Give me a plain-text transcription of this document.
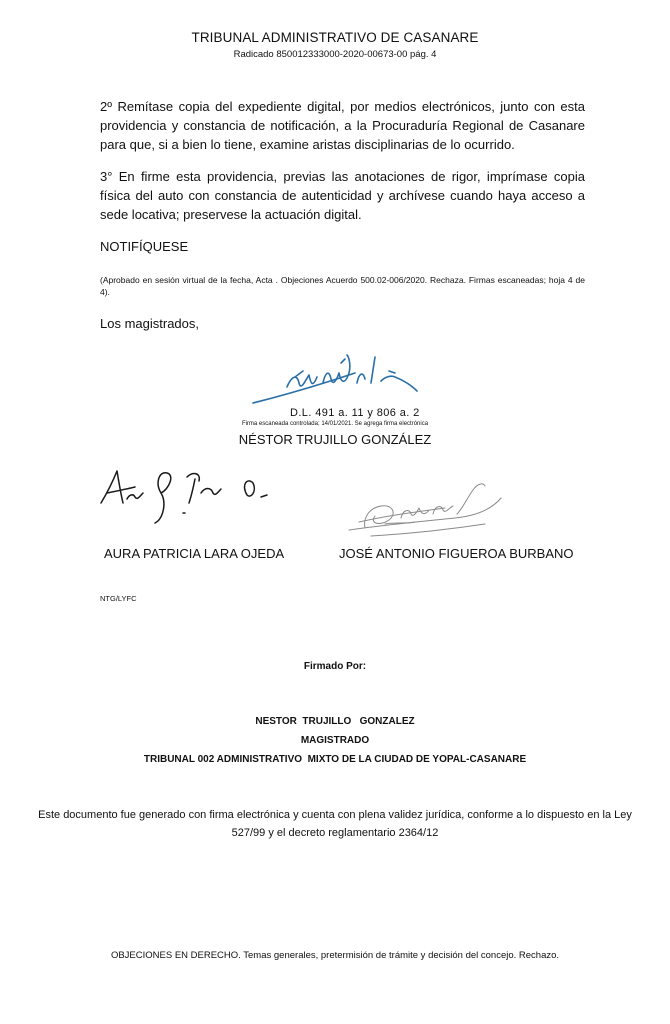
TRIBUNAL ADMINISTRATIVO DE CASANARE
Radicado 850012333000-2020-00673-00 pág. 4
2º Remítase copia del expediente digital, por medios electrónicos, junto con esta providencia y constancia de notificación, a la Procuraduría Regional de Casanare para que, si a bien lo tiene, examine aristas disciplinarias de lo ocurrido.
3° En firme esta providencia, previas las anotaciones de rigor, imprímase copia física del auto con constancia de autenticidad y archívese cuando haya acceso a sede locativa; preservese la actuación digital.
NOTIFÍQUESE
(Aprobado en sesión virtual de la fecha, Acta . Objeciones Acuerdo 500.02-006/2020. Rechaza. Firmas escaneadas; hoja 4 de 4).
Los magistrados,
D.L. 491 a. 11 y 806 a. 2
Firma escaneada controlada; 14/01/2021. Se agrega firma electrónica
NÉSTOR TRUJILLO GONZÁLEZ
AURA PATRICIA LARA OJEDA	JOSÉ ANTONIO FIGUEROA BURBANO
NTG/LYFC
Firmado Por:
NESTOR  TRUJILLO   GONZALEZ
MAGISTRADO
TRIBUNAL 002 ADMINISTRATIVO  MIXTO DE LA CIUDAD DE YOPAL-CASANARE
Este documento fue generado con firma electrónica y cuenta con plena validez jurídica, conforme a lo dispuesto en la Ley 527/99 y el decreto reglamentario 2364/12
OBJECIONES EN DERECHO. Temas generales, pretermisión de trámite y decisión del concejo. Rechazo.
